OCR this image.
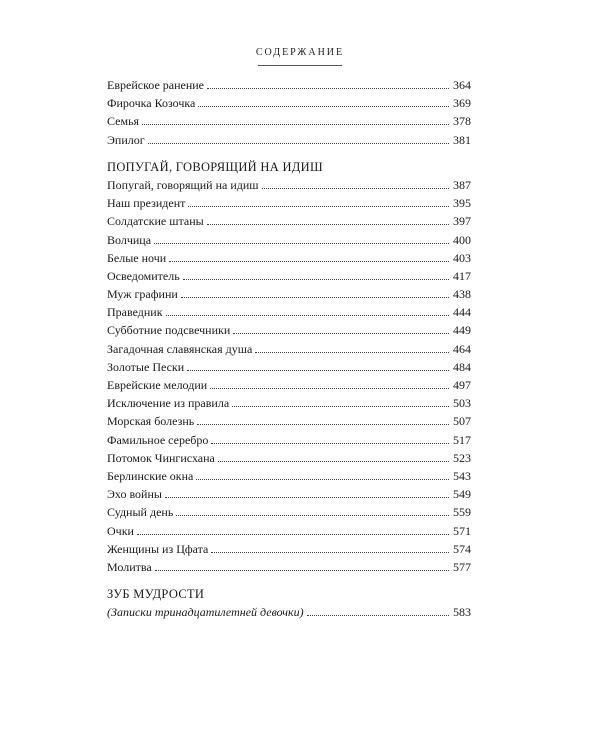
СОДЕРЖАНИЕ
Еврейское ранение	364
Фирочка Козочка	369
Семья	378
Эпилог	381
ПОПУГАЙ, ГОВОРЯЩИЙ НА ИДИШ
Попугай, говорящий на идиш	387
Наш президент	395
Солдатские штаны	397
Волчица	400
Белые ночи	403
Осведомитель	417
Муж графини	438
Праведник	444
Субботние подсвечники	449
Загадочная славянская душа	464
Золотые Пески	484
Еврейские мелодии	497
Исключение из правила	503
Морская болезнь	507
Фамильное серебро	517
Потомок Чингисхана	523
Берлинские окна	543
Эхо войны	549
Судный день	559
Очки	571
Женщины из Цфата	574
Молитва	577
ЗУБ МУДРОСТИ
(Записки тринадцатилетней девочки)	583
